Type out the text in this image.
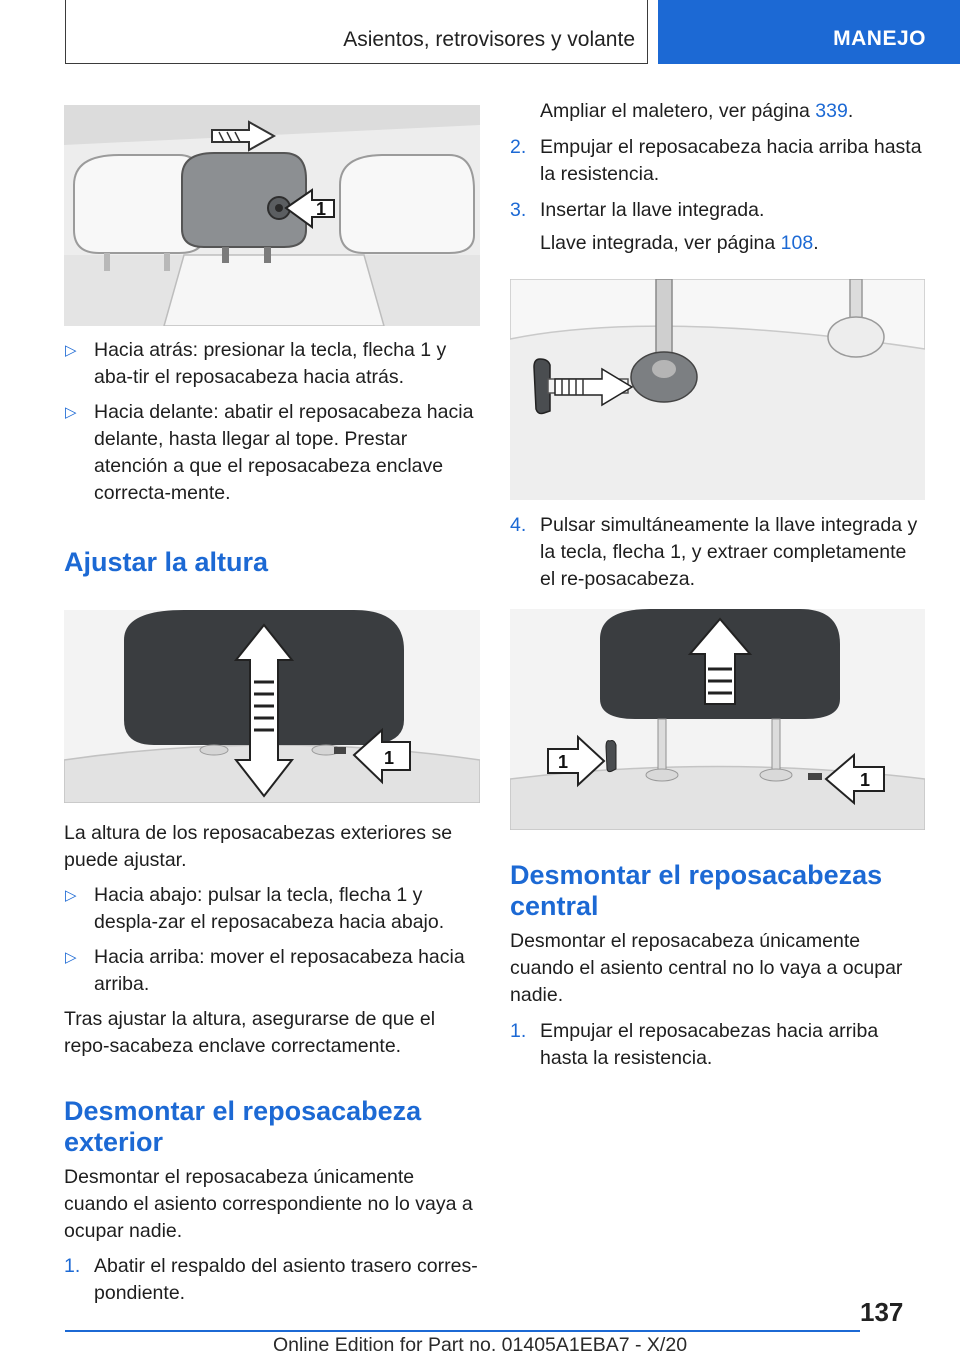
Asientos, retrovisores y volante	MANEJO
1
▷ Hacia atrás: presionar la tecla, flecha 1 y aba-tir el reposacabeza hacia atrás.
▷ Hacia delante: abatir el reposacabeza hacia delante, hasta llegar al tope. Prestar atención a que el reposacabeza enclave correcta-mente.
Ajustar la altura
1

La altura de los reposacabezas exteriores se puede ajustar.

▷ Hacia abajo: pulsar la tecla, flecha 1 y despla-zar el reposacabeza hacia abajo.
▷ Hacia arriba: mover el reposacabeza hacia arriba.

Tras ajustar la altura, asegurarse de que el repo-sacabeza enclave correctamente.

Desmontar el reposacabeza exterior

Desmontar el reposacabeza únicamente cuando el asiento correspondiente no lo vaya a ocupar nadie.

1. Abatir el respaldo del asiento trasero corres-pondiente.
Ampliar el maletero, ver página 339.
2. Empujar el reposacabeza hacia arriba hasta la resistencia.
3. Insertar la llave integrada.
Llave integrada, ver página 108.
4. Pulsar simultáneamente la llave integrada y la tecla, flecha 1, y extraer completamente el re-posacabeza.
1
1
Desmontar el reposacabezas central

Desmontar el reposacabeza únicamente cuando el asiento central no lo vaya a ocupar nadie.

1. Empujar el reposacabezas hacia arriba hasta la resistencia.
137
Online Edition for Part no. 01405A1EBA7 - X/20
